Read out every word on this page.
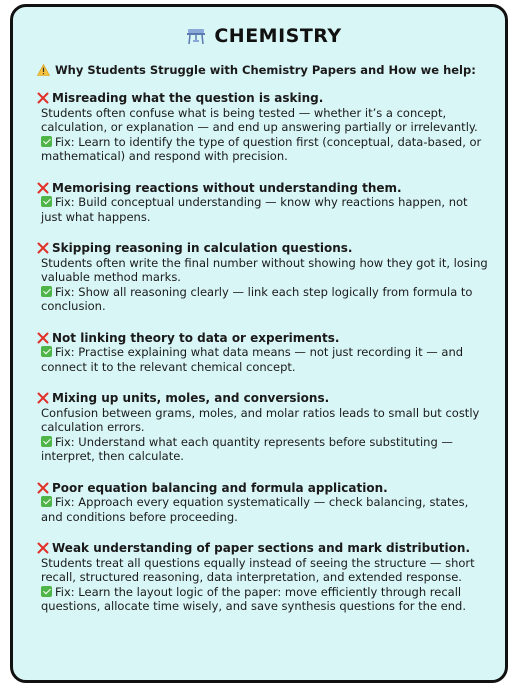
CHEMISTRY
Why Students Struggle with Chemistry Papers and How we help:
Misreading what the question is asking.
Students often confuse what is being tested — whether it’s a concept, calculation, or explanation — and end up answering partially or irrelevantly.
Fix: Learn to identify the type of question first (conceptual, data-based, or mathematical) and respond with precision.
Memorising reactions without understanding them.
Fix: Build conceptual understanding — know why reactions happen, not just what happens.
Skipping reasoning in calculation questions.
Students often write the final number without showing how they got it, losing valuable method marks.
Fix: Show all reasoning clearly — link each step logically from formula to conclusion.
Not linking theory to data or experiments.
Fix: Practise explaining what data means — not just recording it — and connect it to the relevant chemical concept.
Mixing up units, moles, and conversions.
Confusion between grams, moles, and molar ratios leads to small but costly calculation errors.
Fix: Understand what each quantity represents before substituting — interpret, then calculate.
Poor equation balancing and formula application.
Fix: Approach every equation systematically — check balancing, states, and conditions before proceeding.
Weak understanding of paper sections and mark distribution.
Students treat all questions equally instead of seeing the structure — short recall, structured reasoning, data interpretation, and extended response.
Fix: Learn the layout logic of the paper: move efficiently through recall questions, allocate time wisely, and save synthesis questions for the end.
